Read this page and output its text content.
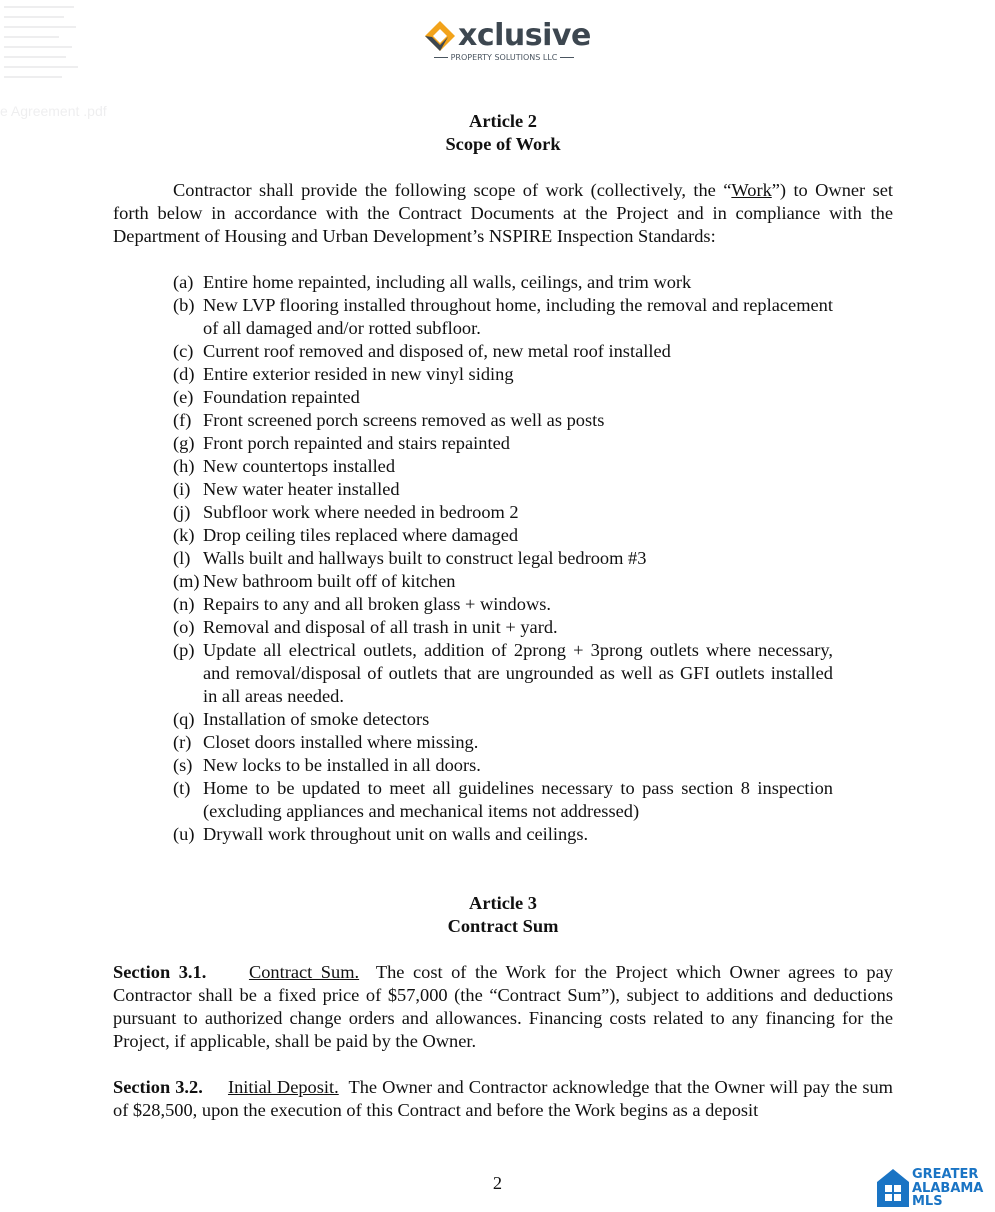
e Agreement .pdf
xclusive
PROPERTY SOLUTIONS LLC
Article 2
Scope of Work

Contractor shall provide the following scope of work (collectively, the “Work”) to Owner set forth below in accordance with the Contract Documents at the Project and in compliance with the Department of Housing and Urban Development’s NSPIRE Inspection Standards:

(a) Entire home repainted, including all walls, ceilings, and trim work
(b) New LVP flooring installed throughout home, including the removal and replacement of all damaged and/or rotted subfloor.
(c) Current roof removed and disposed of, new metal roof installed
(d) Entire exterior resided in new vinyl siding
(e) Foundation repainted
(f) Front screened porch screens removed as well as posts
(g) Front porch repainted and stairs repainted
(h) New countertops installed
(i) New water heater installed
(j) Subfloor work where needed in bedroom 2
(k) Drop ceiling tiles replaced where damaged
(l) Walls built and hallways built to construct legal bedroom #3
(m) New bathroom built off of kitchen
(n) Repairs to any and all broken glass + windows.
(o) Removal and disposal of all trash in unit + yard.
(p) Update all electrical outlets, addition of 2prong + 3prong outlets where necessary, and removal/disposal of outlets that are ungrounded as well as GFI outlets installed in all areas needed.
(q) Installation of smoke detectors
(r) Closet doors installed where missing.
(s) New locks to be installed in all doors.
(t) Home to be updated to meet all guidelines necessary to pass section 8 inspection (excluding appliances and mechanical items not addressed)
(u) Drywall work throughout unit on walls and ceilings.
Article 3
Contract Sum

Section 3.1. Contract Sum. The cost of the Work for the Project which Owner agrees to pay Contractor shall be a fixed price of $57,000 (the “Contract Sum”), subject to additions and deductions pursuant to authorized change orders and allowances. Financing costs related to any financing for the Project, if applicable, shall be paid by the Owner.

Section 3.2. Initial Deposit. The Owner and Contractor acknowledge that the Owner will pay the sum of $28,500, upon the execution of this Contract and before the Work begins as a deposit

2	GREATER
ALABAMA
MLS
